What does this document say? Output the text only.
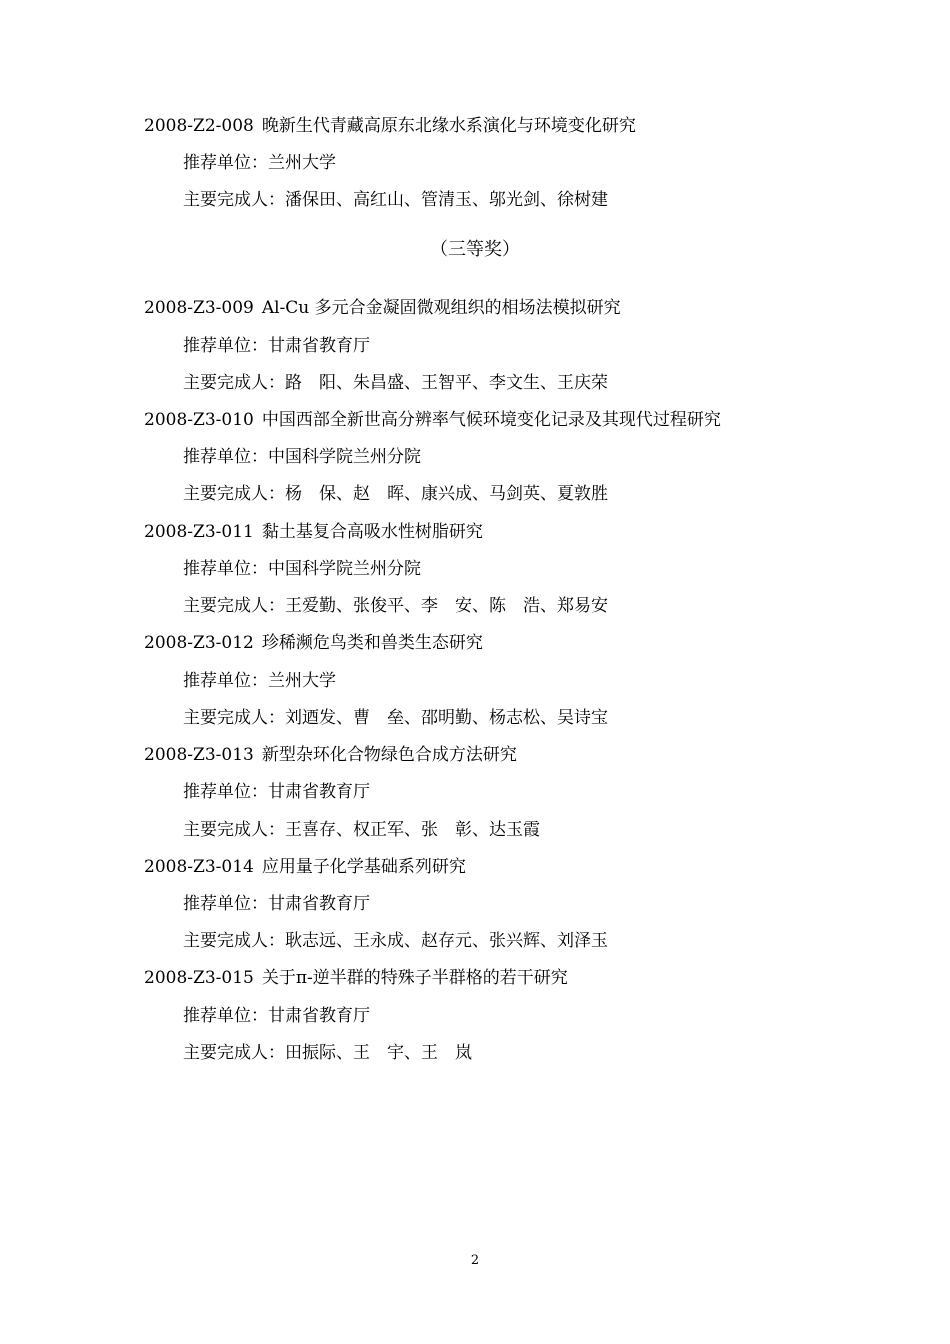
2008-Z2-008 晚新生代青藏高原东北缘水系演化与环境变化研究
推荐单位：兰州大学
主要完成人：潘保田、高红山、管清玉、邬光剑、徐树建
（三等奖）
2008-Z3-009 Al-Cu 多元合金凝固微观组织的相场法模拟研究
推荐单位：甘肃省教育厅
主要完成人：路　阳、朱昌盛、王智平、李文生、王庆荣
2008-Z3-010 中国西部全新世高分辨率气候环境变化记录及其现代过程研究
推荐单位：中国科学院兰州分院
主要完成人：杨　保、赵　晖、康兴成、马剑英、夏敦胜
2008-Z3-011 黏土基复合高吸水性树脂研究
推荐单位：中国科学院兰州分院
主要完成人：王爱勤、张俊平、李　安、陈　浩、郑易安
2008-Z3-012 珍稀濒危鸟类和兽类生态研究
推荐单位：兰州大学
主要完成人：刘迺发、曹　垒、邵明勤、杨志松、吴诗宝
2008-Z3-013 新型杂环化合物绿色合成方法研究
推荐单位：甘肃省教育厅
主要完成人：王喜存、权正军、张　彰、达玉霞
2008-Z3-014 应用量子化学基础系列研究
推荐单位：甘肃省教育厅
主要完成人：耿志远、王永成、赵存元、张兴辉、刘泽玉
2008-Z3-015 关于π-逆半群的特殊子半群格的若干研究
推荐单位：甘肃省教育厅
主要完成人：田振际、王　宇、王　岚
2
